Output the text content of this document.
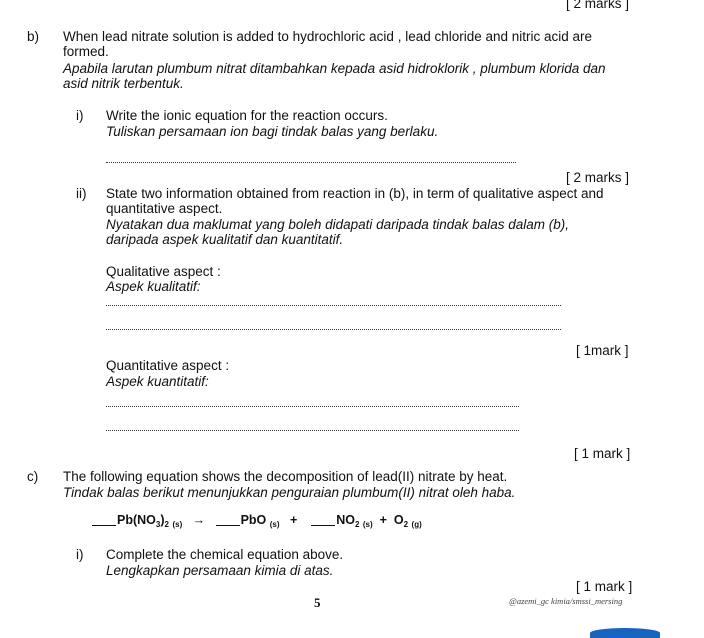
[ 2 marks ]
b) When lead nitrate solution is added to hydrochloric acid , lead chloride and nitric acid are
formed.
Apabila larutan plumbum nitrat ditambahkan kepada asid hidroklorik , plumbum klorida dan
asid nitrik terbentuk.
i) Write the ionic equation for the reaction occurs.
Tuliskan persamaan ion bagi tindak balas yang berlaku.
[ 2 marks ]
ii) State two information obtained from reaction in (b), in term of qualitative aspect and
quantitative aspect.
Nyatakan dua maklumat yang boleh didapati daripada tindak balas dalam (b),
daripada aspek kualitatif dan kuantitatif.
Qualitative aspect :
Aspek kualitatif:
[ 1mark ]
Quantitative aspect :
Aspek kuantitatif:
[ 1 mark ]
c) The following equation shows the decomposition of lead(II) nitrate by heat.
Tindak balas berikut menunjukkan penguraian plumbum(II) nitrat oleh haba.
$Pb(NO_3)_2$ $_{(s)}$ →	PbO $_{(s)}$ +	$NO_2$ $_{(s)} + O_2$ $_{(g)}$
i) Complete the chemical equation above.
Lengkapkan persamaan kimia di atas.
[ 1 mark ]
5	@azemi_gc kimia/smssi_mersing
